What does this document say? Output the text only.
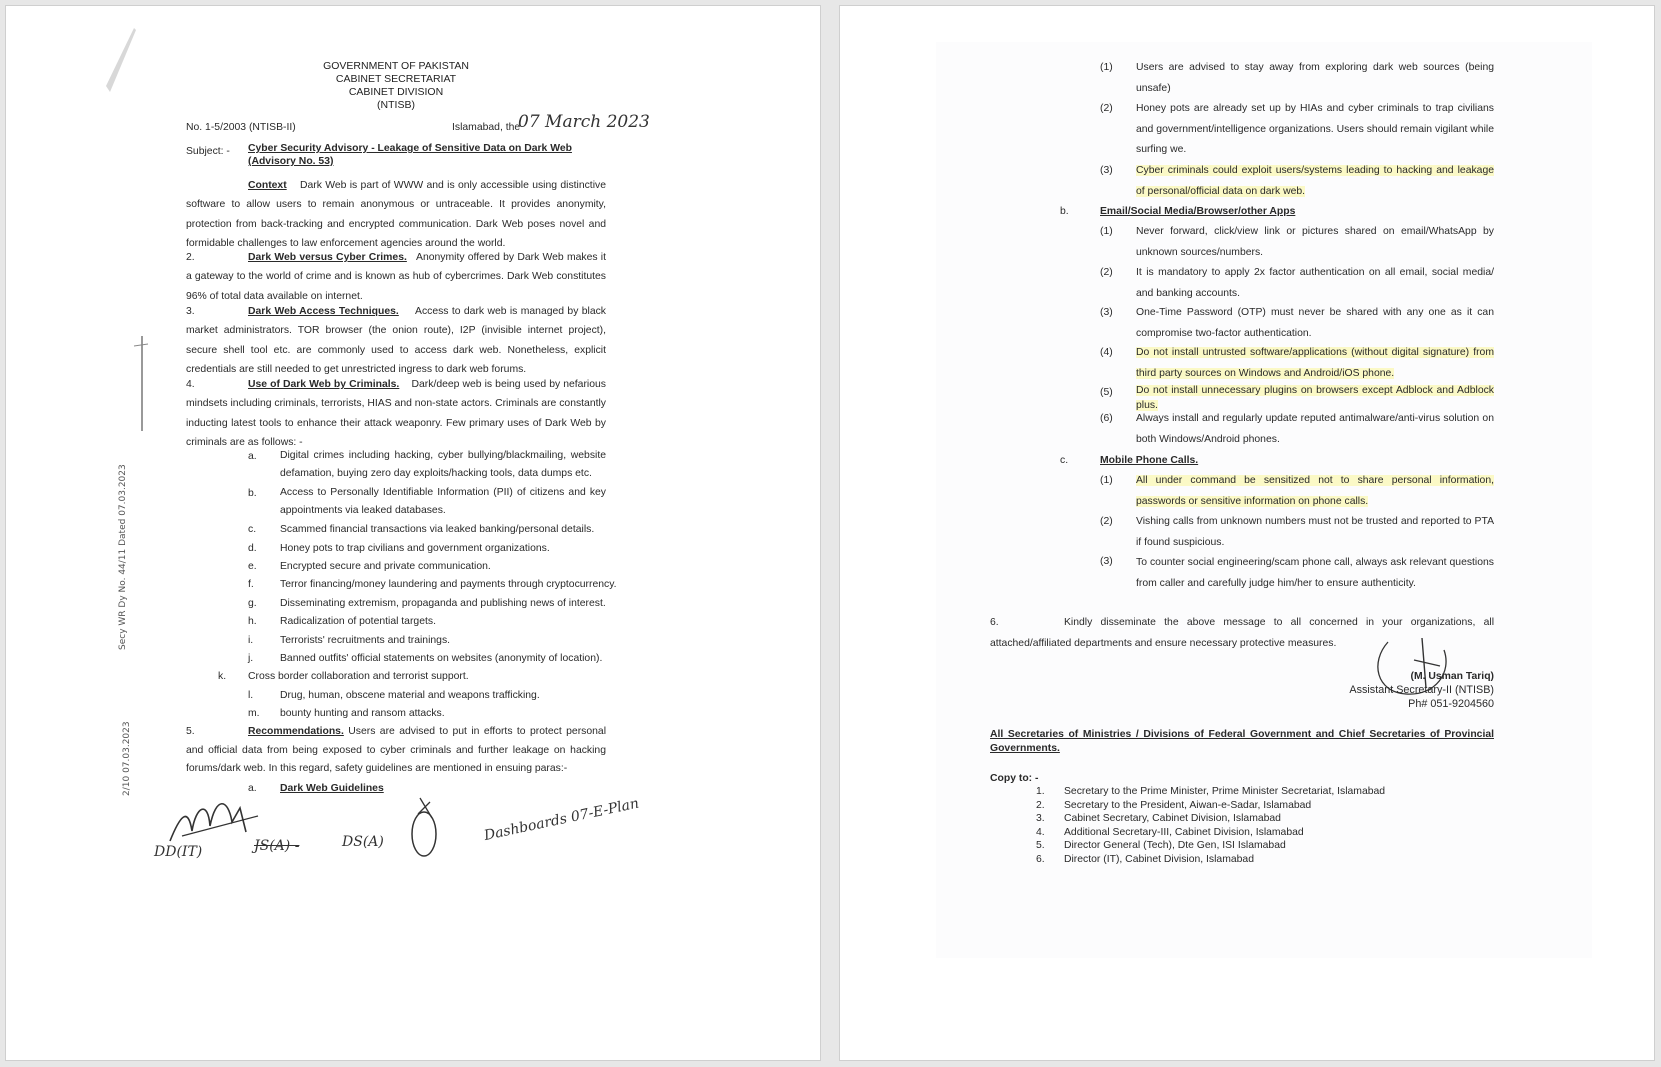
GOVERNMENT OF PAKISTAN
CABINET SECRETARIAT
CABINET DIVISION
(NTISB)
No. 1-5/2003 (NTISB-II)	Islamabad, the
07 March 2023
Subject: - Cyber Security Advisory - Leakage of Sensitive Data on Dark Web (Advisory No. 53)
Context Dark Web is part of WWW and is only accessible using distinctive software to allow users to remain anonymous or untraceable. It provides anonymity, protection from back-tracking and encrypted communication. Dark Web poses novel and formidable challenges to law enforcement agencies around the world.
2.	Dark Web versus Cyber Crimes. Anonymity offered by Dark Web makes it a gateway to the world of crime and is known as hub of cybercrimes. Dark Web constitutes 96% of total data available on internet.
3.	Dark Web Access Techniques. Access to dark web is managed by black market administrators. TOR browser (the onion route), I2P (invisible internet project), secure shell tool etc. are commonly used to access dark web. Nonetheless, explicit credentials are still needed to get unrestricted ingress to dark web forums.
4.	Use of Dark Web by Criminals. Dark/deep web is being used by nefarious mindsets including criminals, terrorists, HIAS and non-state actors. Criminals are constantly inducting latest tools to enhance their attack weaponry. Few primary uses of Dark Web by criminals are as follows: -
a. Digital crimes including hacking, cyber bullying/blackmailing, website defamation, buying zero day exploits/hacking tools, data dumps etc.
b. Access to Personally Identifiable Information (PII) of citizens and key appointments via leaked databases.
c. Scammed financial transactions via leaked banking/personal details.
d. Honey pots to trap civilians and government organizations.
e. Encrypted secure and private communication.
f.	Terror financing/money laundering and payments through cryptocurrency.
g. Disseminating extremism, propaganda and publishing news of interest.
h. Radicalization of potential targets.
i.	Terrorists' recruitments and trainings.
j.	Banned outfits' official statements on websites (anonymity of location).
k. Cross border collaboration and terrorist support.
l.	Drug, human, obscene material and weapons trafficking.
m. bounty hunting and ransom attacks.
5.	Recommendations. Users are advised to put in efforts to protect personal and official data from being exposed to cyber criminals and further leakage on hacking forums/dark web. In this regard, safety guidelines are mentioned in ensuing paras:-
a. Dark Web Guidelines
Secy WR Dy No. 44/11 Dated 07.03.2023
2/10 07.03.2023
DD(IT)	JS(A) -	DS(A)	Dashboards 07-E-Plan
(1) Users are advised to stay away from exploring dark web sources (being unsafe)
(2) Honey pots are already set up by HIAs and cyber criminals to trap civilians and government/intelligence organizations. Users should remain vigilant while surfing we.
(3) Cyber criminals could exploit users/systems leading to hacking and leakage of personal/official data on dark web.
b.	Email/Social Media/Browser/other Apps
(1) Never forward, click/view link or pictures shared on email/WhatsApp by unknown sources/numbers.
(2) It is mandatory to apply 2x factor authentication on all email, social media/ and banking accounts.
(3) One-Time Password (OTP) must never be shared with any one as it can compromise two-factor authentication.
(4) Do not install untrusted software/applications (without digital signature) from third party sources on Windows and Android/iOS phone.
(5) Do not install unnecessary plugins on browsers except Adblock and Adblock plus.
(6) Always install and regularly update reputed antimalware/anti-virus solution on both Windows/Android phones.
c.	Mobile Phone Calls.
(1) All under command be sensitized not to share personal information, passwords or sensitive information on phone calls.
(2) Vishing calls from unknown numbers must not be trusted and reported to PTA if found suspicious.
(3) To counter social engineering/scam phone call, always ask relevant questions from caller and carefully judge him/her to ensure authenticity.
6.	Kindly disseminate the above message to all concerned in your organizations, all attached/affiliated departments and ensure necessary protective measures.
(M. Usman Tariq)
Assistant Secretary-II (NTISB)
Ph# 051-9204560
All Secretaries of Ministries / Divisions of Federal Government and Chief Secretaries of Provincial Governments.
Copy to: -
1. Secretary to the Prime Minister, Prime Minister Secretariat, Islamabad
2. Secretary to the President, Aiwan-e-Sadar, Islamabad
3. Cabinet Secretary, Cabinet Division, Islamabad
4. Additional Secretary-III, Cabinet Division, Islamabad
5. Director General (Tech), Dte Gen, ISI Islamabad
6. Director (IT), Cabinet Division, Islamabad
